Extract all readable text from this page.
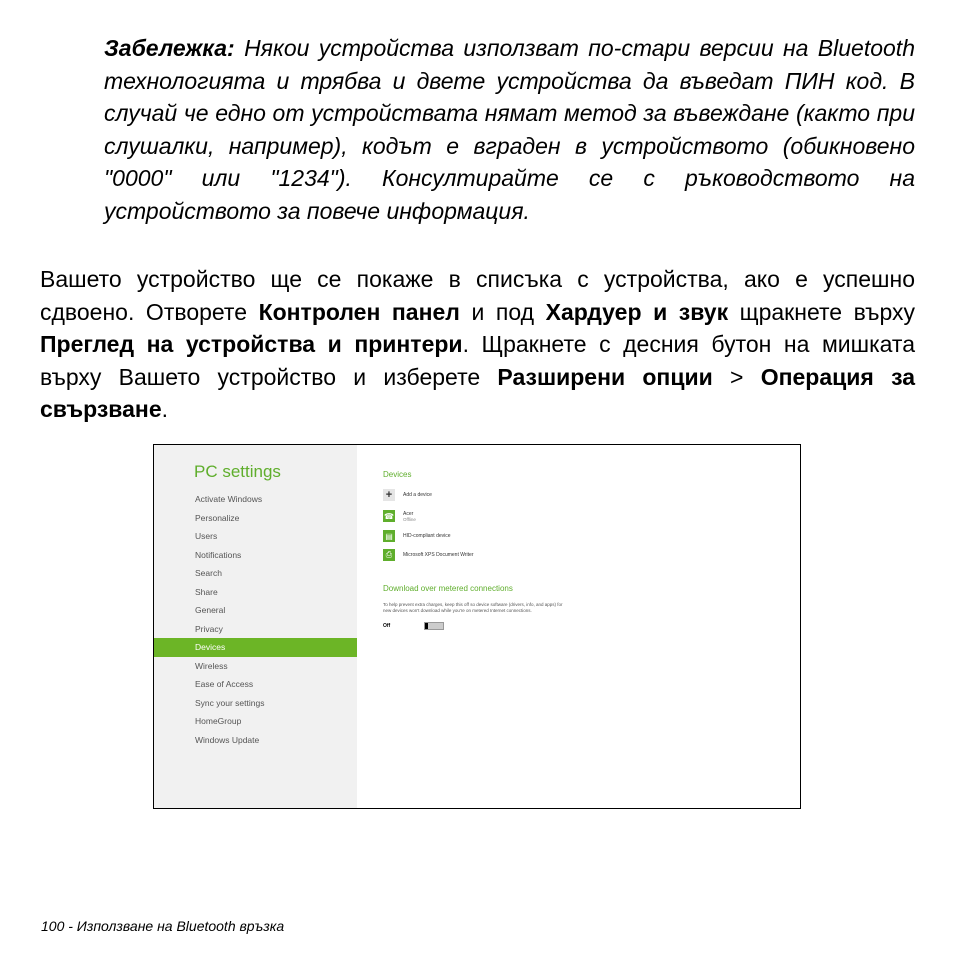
Забележка: Някои устройства използват по-стари версии на Bluetooth технологията и трябва и двете устройства да въведат ПИН код. В случай че едно от устройствата нямат метод за въвеждане (както при слушалки, например), кодът е вграден в устройството (обикновено "0000" или "1234"). Консултирайте се с ръководството на устройството за повече информация.
Вашето устройство ще се покаже в списъка с устройства, ако е успешно сдвоено. Отворете Контролен панел и под Хардуер и звук щракнете върху Преглед на устройства и принтери. Щракнете с десния бутон на мишката върху Вашето устройство и изберете Разширени опции > Операция за свързване.
PC settings
Activate Windows
Personalize
Users
Notifications
Search
Share
General
Privacy
Devices
Wireless
Ease of Access
Sync your settings
HomeGroup
Windows Update
Devices
+	Add a device
☎ Acer
Offline
▤	HID-compliant device
⎙	Microsoft XPS Document Writer
Download over metered connections
To help prevent extra charges, keep this off so device software (drivers, info, and apps) for new devices won't download while you're on metered Internet connections.
Off
100 - Използване на Bluetooth връзка
